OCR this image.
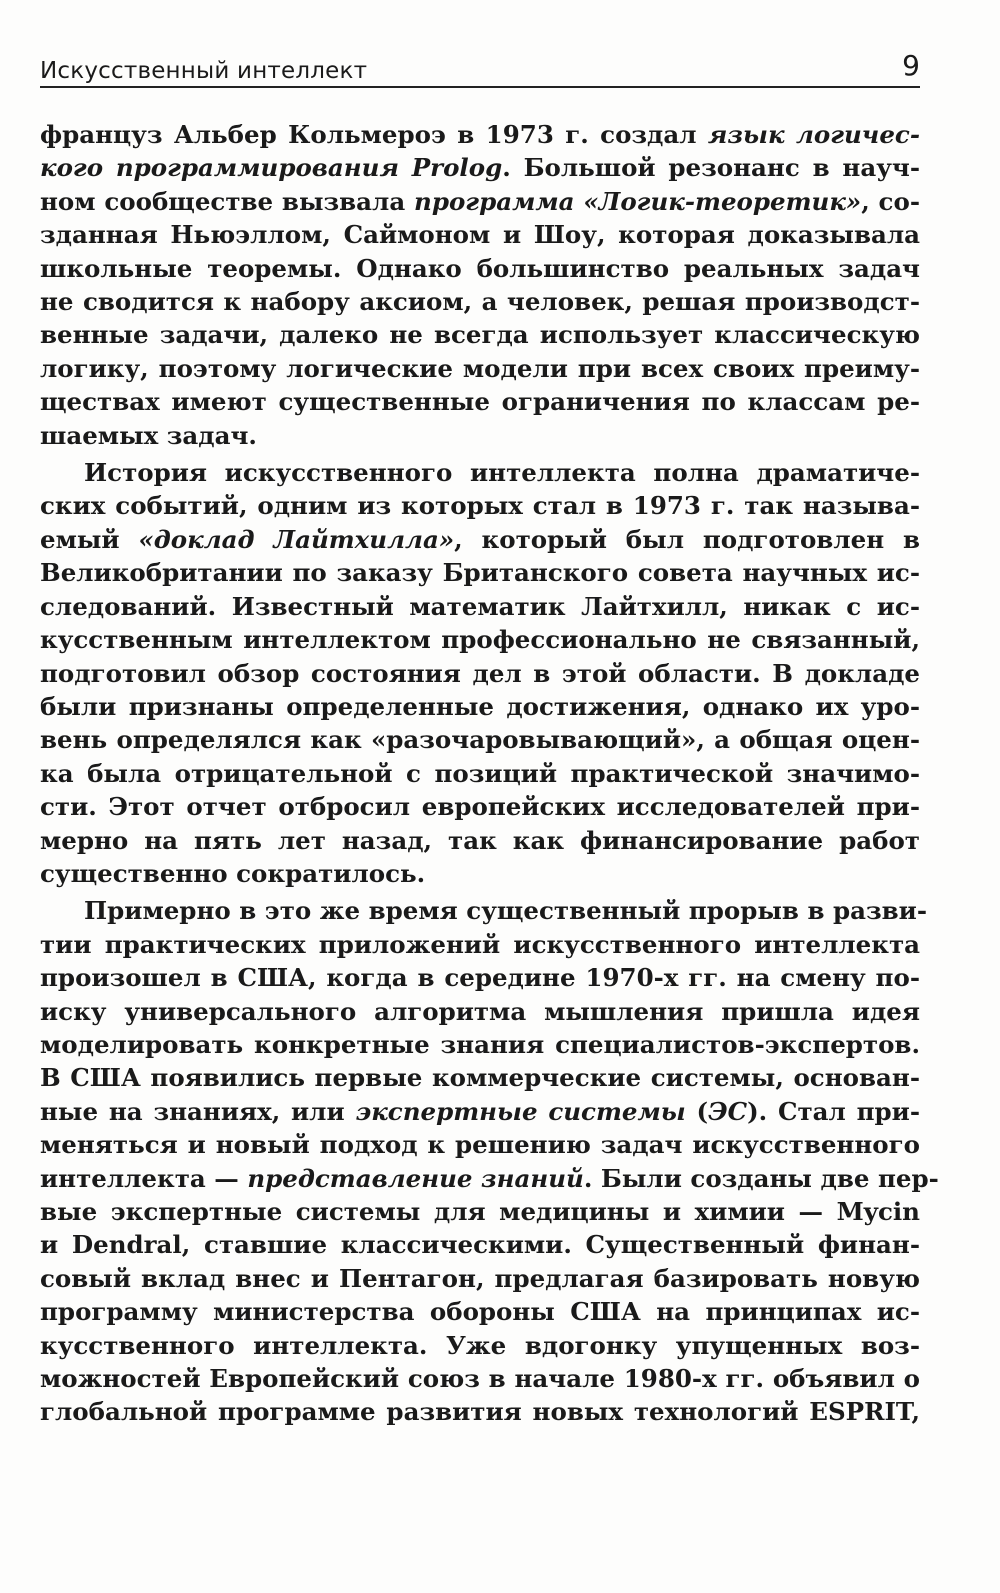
Искусственный интеллект	9

француз Альбер Кольмероэ в 1973 г. создал язык логичес-
кого программирования Prolog. Большой резонанс в науч-
ном сообществе вызвала программа «Логик-теоретик», со-
зданная Ньюэллом, Саймоном и Шоу, которая доказывала
школьные теоремы. Однако большинство реальных задач
не сводится к набору аксиом, а человек, решая производст-
венные задачи, далеко не всегда использует классическую
логику, поэтому логические модели при всех своих преиму-
ществах имеют существенные ограничения по классам ре-
шаемых задач.

История искусственного интеллекта полна драматиче-
ских событий, одним из которых стал в 1973 г. так называ-
емый «доклад Лайтхилла», который был подготовлен в
Великобритании по заказу Британского совета научных ис-
следований. Известный математик Лайтхилл, никак с ис-
кусственным интеллектом профессионально не связанный,
подготовил обзор состояния дел в этой области. В докладе
были признаны определенные достижения, однако их уро-
вень определялся как «разочаровывающий», а общая оцен-
ка была отрицательной с позиций практической значимо-
сти. Этот отчет отбросил европейских исследователей при-
мерно на пять лет назад, так как финансирование работ
существенно сократилось.

Примерно в это же время существенный прорыв в разви-
тии практических приложений искусственного интеллекта
произошел в США, когда в середине 1970-х гг. на смену по-
иску универсального алгоритма мышления пришла идея
моделировать конкретные знания специалистов-экспертов.
В США появились первые коммерческие системы, основан-
ные на знаниях, или экспертные системы (ЭС). Стал при-
меняться и новый подход к решению задач искусственного
интеллекта — представление знаний. Были созданы две пер-
вые экспертные системы для медицины и химии — Mycin
и Dendral, ставшие классическими. Существенный финан-
совый вклад внес и Пентагон, предлагая базировать новую
программу министерства обороны США на принципах ис-
кусственного интеллекта. Уже вдогонку упущенных воз-
можностей Европейский союз в начале 1980-х гг. объявил о
глобальной программе развития новых технологий ESPRIT,
